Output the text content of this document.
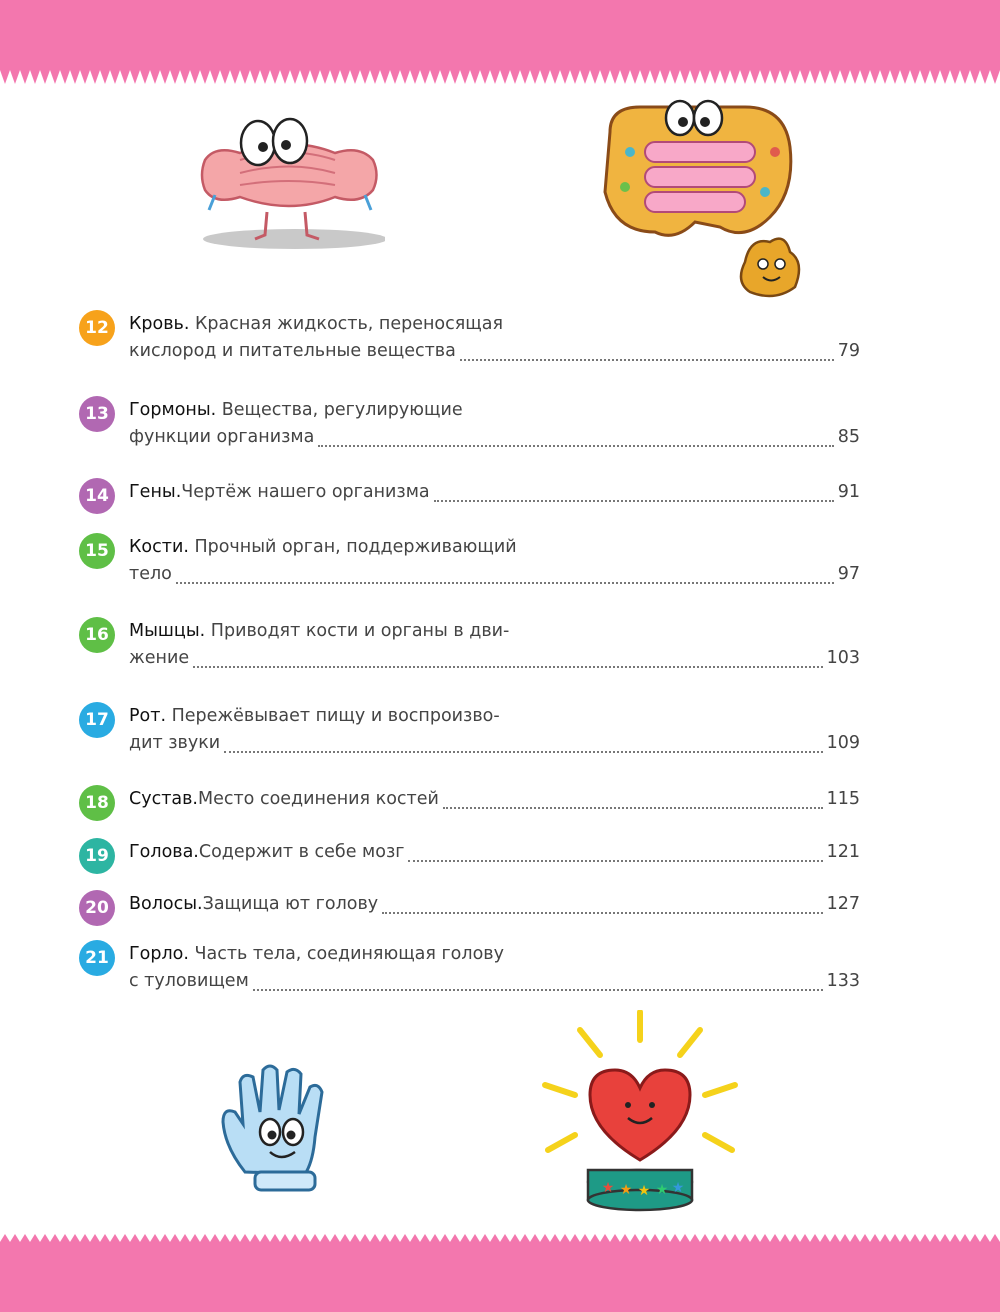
12	Кровь. Красная жидкость, переносящая
кислород и питательные вещества	79
13	Гормоны. Вещества, регулирующие
функции организма	85
14	Гены. Чертёж нашего организма	91
15	Кости. Прочный орган, поддерживающий
тело	97
16	Мышцы. Приводят кости и органы в дви-
жение	103
17	Рот. Пережёвывает пищу и воспроизво-
дит звуки	109
18	Сустав. Место соединения костей	115
19	Голова. Содержит в себе мозг	121
20	Волосы. Защища ют голову	127
21	Горло. Часть тела, соединяющая голову
с туловищем	133
★ ★ ★ ★ ★
